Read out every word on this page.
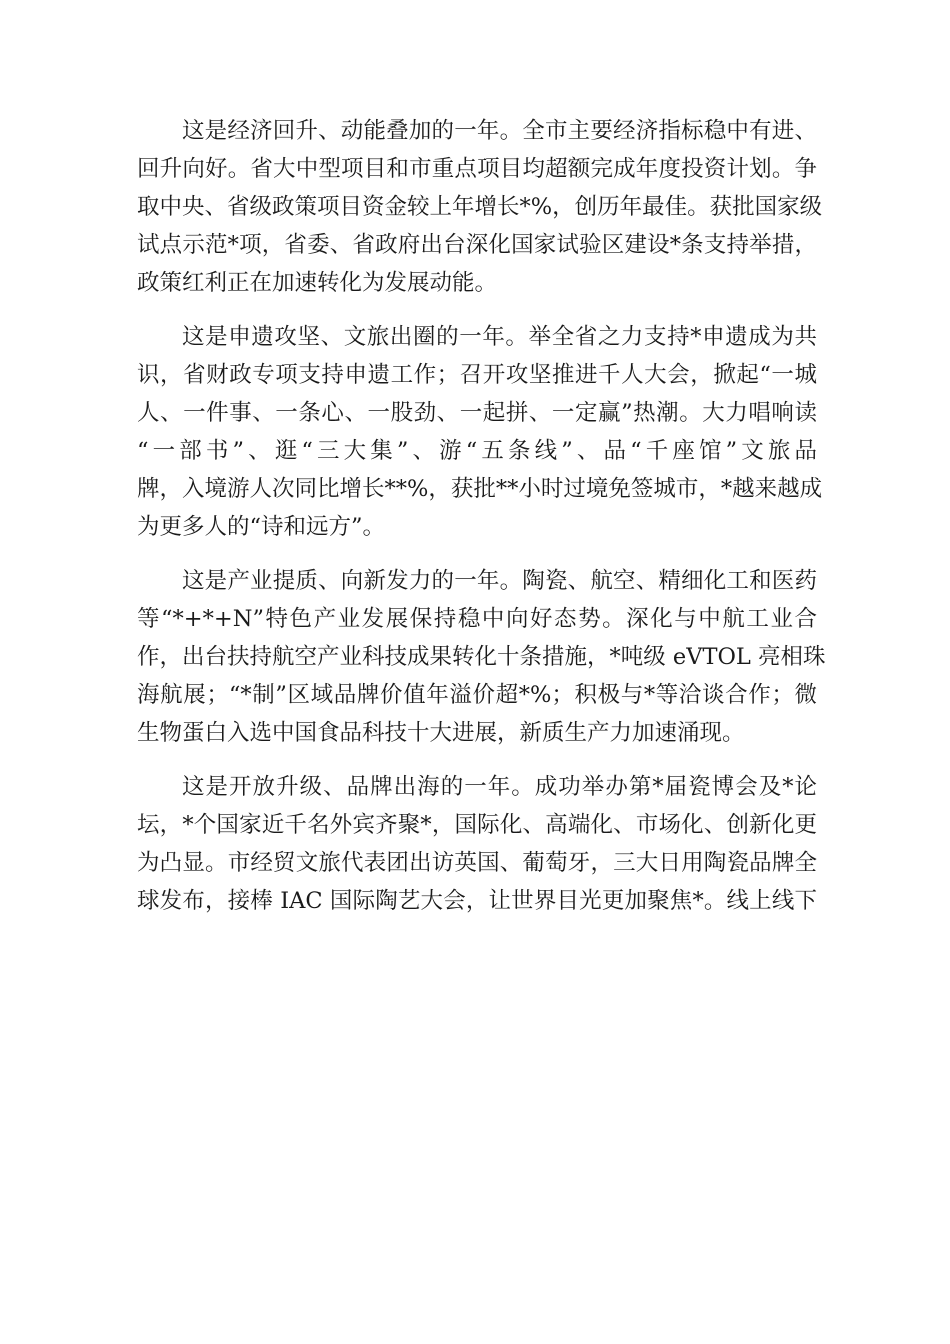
这是经济回升、动能叠加的一年。全市主要经济指标稳中有进、
回升向好。省大中型项目和市重点项目均超额完成年度投资计划。争
取中央、省级政策项目资金较上年增长*%，创历年最佳。获批国家级
试点示范*项，省委、省政府出台深化国家试验区建设*条支持举措，
政策红利正在加速转化为发展动能。

这是申遗攻坚、文旅出圈的一年。举全省之力支持*申遗成为共
识，省财政专项支持申遗工作；召开攻坚推进千人大会，掀起“一城
人、一件事、一条心、一股劲、一起拼、一定赢”热潮。大力唱响读
“一部书”、逛“三大集”、游“五条线”、品“千座馆”文旅品
牌，入境游人次同比增长**%，获批**小时过境免签城市，*越来越成
为更多人的“诗和远方”。

这是产业提质、向新发力的一年。陶瓷、航空、精细化工和医药
等“*+*+N”特色产业发展保持稳中向好态势。深化与中航工业合
作，出台扶持航空产业科技成果转化十条措施，*吨级 eVTOL 亮相珠
海航展；“*制”区域品牌价值年溢价超*%；积极与*等洽谈合作；微
生物蛋白入选中国食品科技十大进展，新质生产力加速涌现。

这是开放升级、品牌出海的一年。成功举办第*届瓷博会及*论
坛，*个国家近千名外宾齐聚*，国际化、高端化、市场化、创新化更
为凸显。市经贸文旅代表团出访英国、葡萄牙，三大日用陶瓷品牌全
球发布，接棒 IAC 国际陶艺大会，让世界目光更加聚焦*。线上线下
